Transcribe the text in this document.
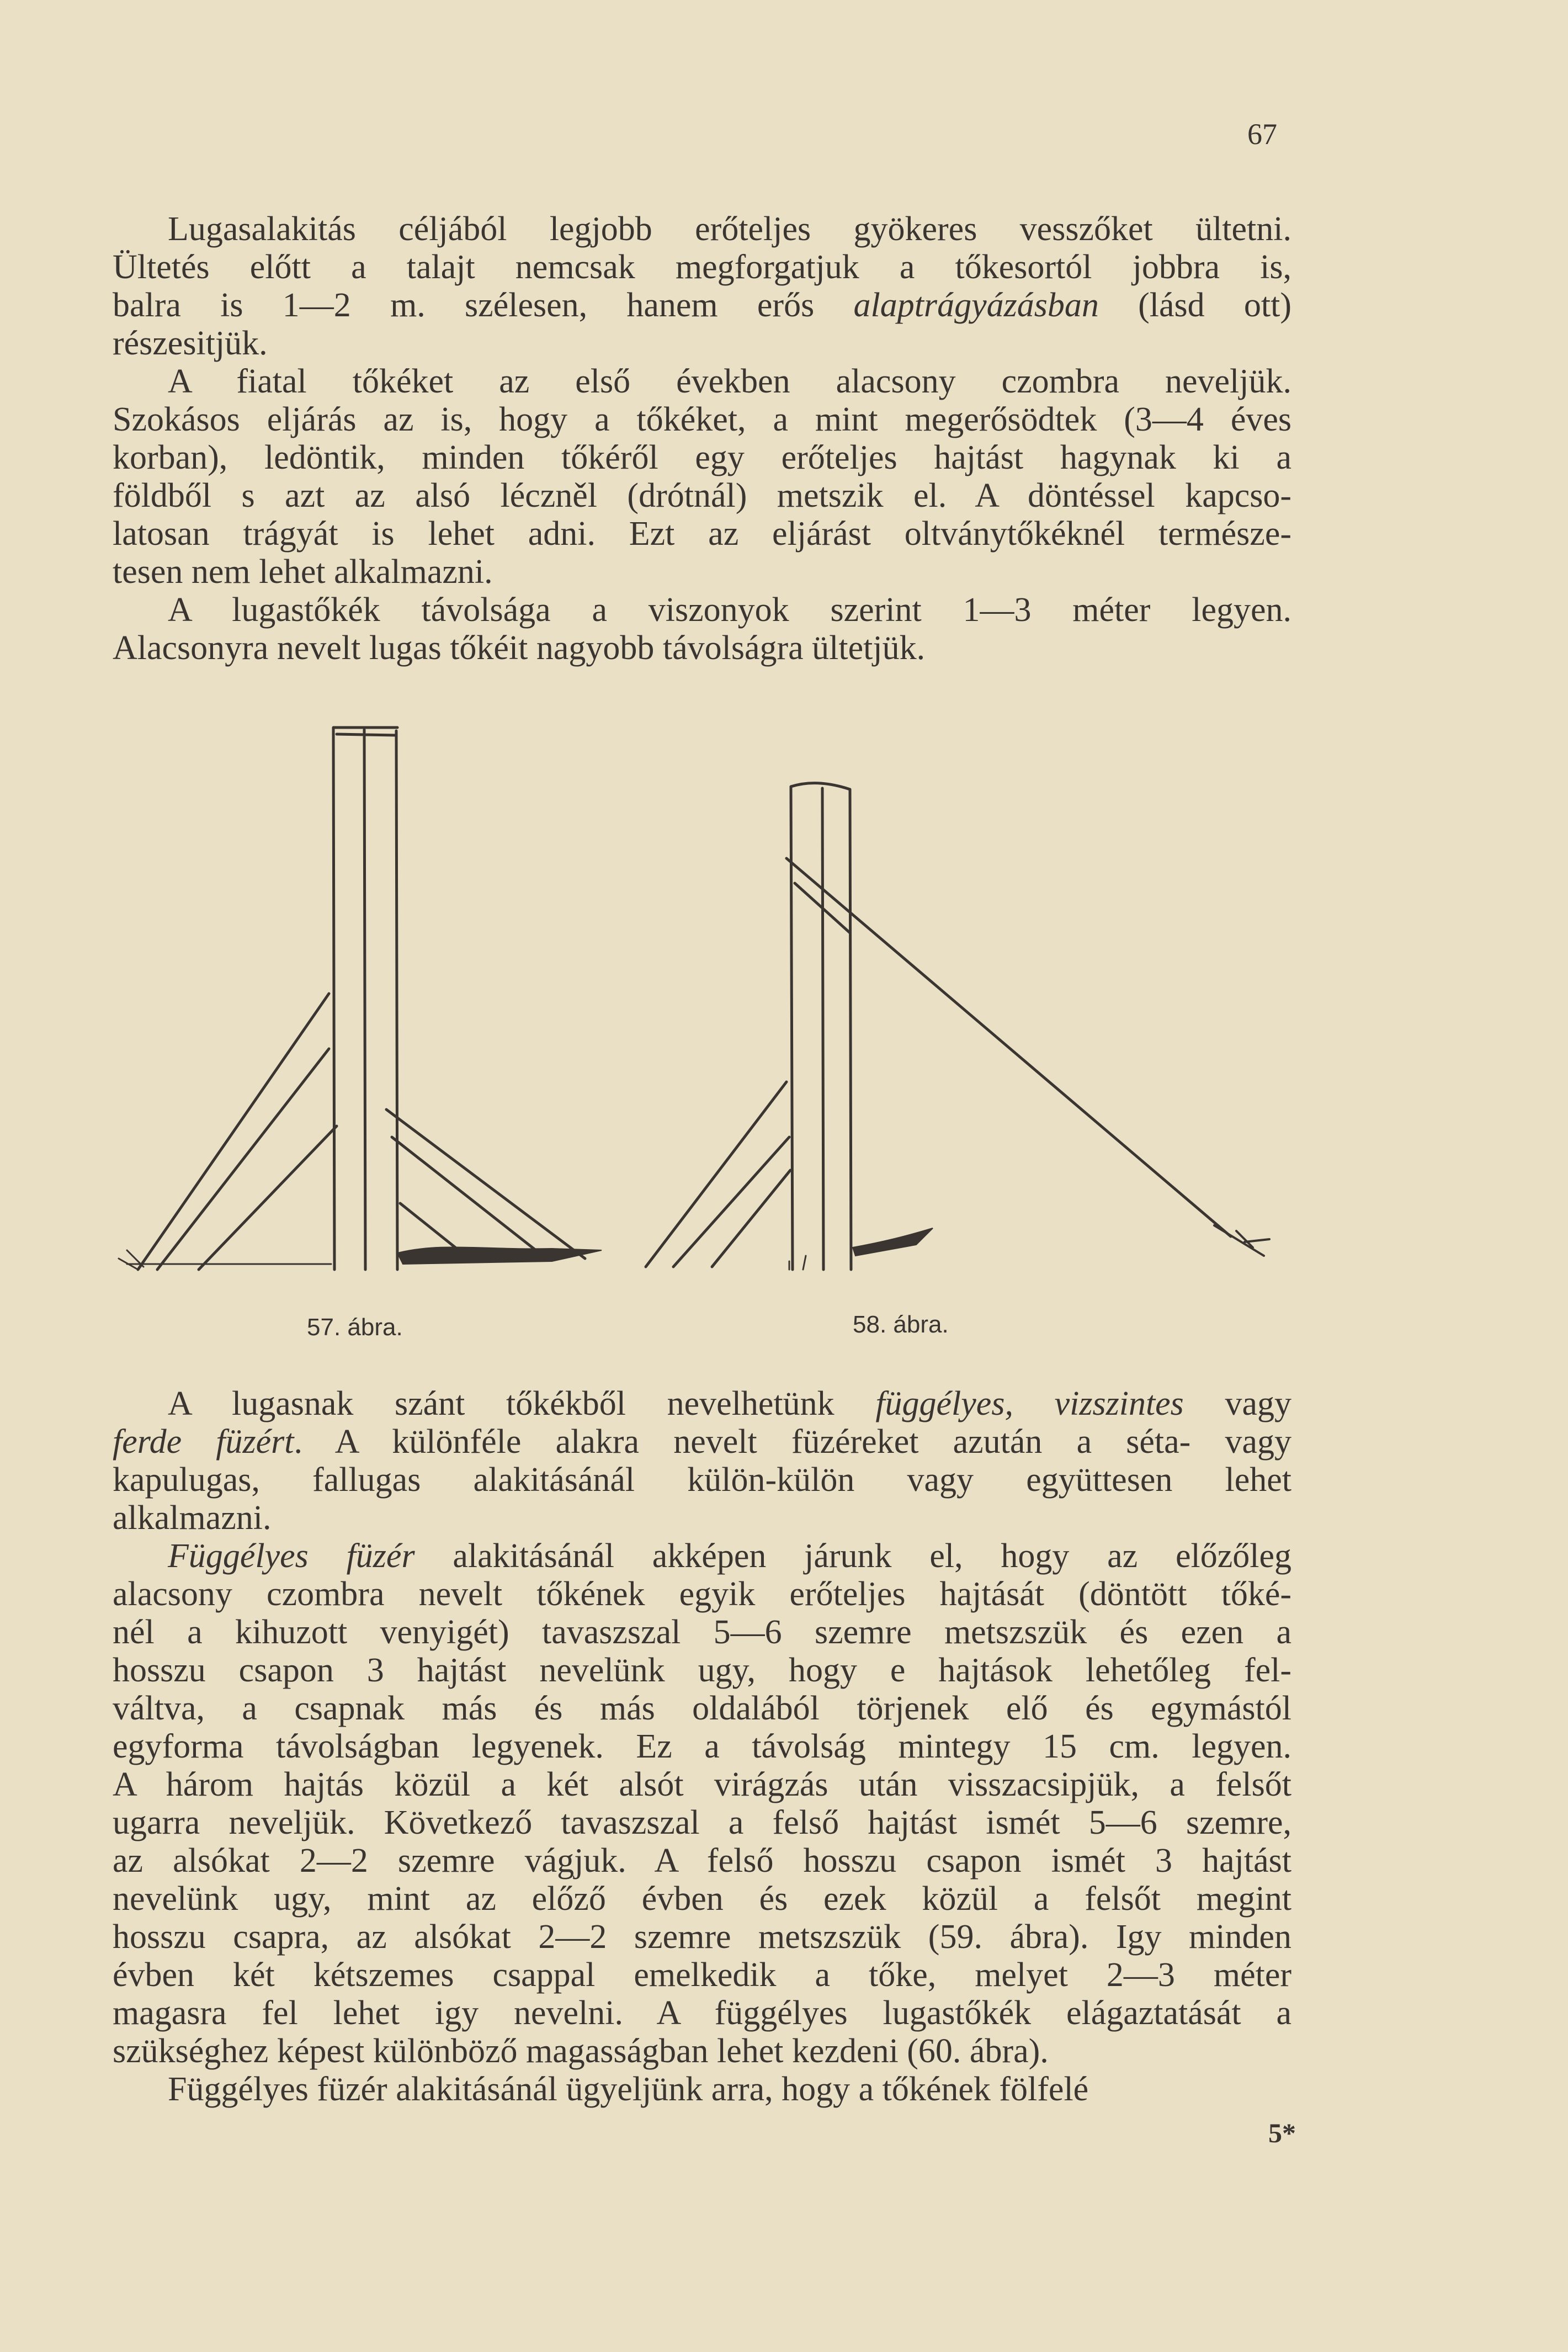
67
Lugasalakitás céljából legjobb erőteljes gyökeres vesszőket ültetni.
Ültetés előtt a talajt nemcsak megforgatjuk a tőkesortól jobbra is,
balra is 1—2 m. szélesen, hanem erős alaptrágyázásban (lásd ott)
részesitjük.
A fiatal tőkéket az első években alacsony czombra neveljük.
Szokásos eljárás az is, hogy a tőkéket, a mint megerősödtek (3—4 éves
korban), ledöntik, minden tőkéről egy erőteljes hajtást hagynak ki a
földből s azt az alsó léczněl (drótnál) metszik el. A döntéssel kapcso-
latosan trágyát is lehet adni. Ezt az eljárást oltványtőkéknél természe-
tesen nem lehet alkalmazni.
A lugastőkék távolsága a viszonyok szerint 1—3 méter legyen.
Alacsonyra nevelt lugas tőkéit nagyobb távolságra ültetjük.
57. ábra.	58. ábra.
A lugasnak szánt tőkékből nevelhetünk függélyes, vizszintes vagy
ferde füzért. A különféle alakra nevelt füzéreket azután a séta- vagy
kapulugas, fallugas alakitásánál külön-külön vagy együttesen lehet
alkalmazni.
Függélyes füzér alakitásánál akképen járunk el, hogy az előzőleg
alacsony czombra nevelt tőkének egyik erőteljes hajtását (döntött tőké-
nél a kihuzott venyigét) tavaszszal 5—6 szemre metszszük és ezen a
hosszu csapon 3 hajtást nevelünk ugy, hogy e hajtások lehetőleg fel-
váltva, a csapnak más és más oldalából törjenek elő és egymástól
egyforma távolságban legyenek. Ez a távolság mintegy 15 cm. legyen.
A három hajtás közül a két alsót virágzás után visszacsipjük, a felsőt
ugarra neveljük. Következő tavaszszal a felső hajtást ismét 5—6 szemre,
az alsókat 2—2 szemre vágjuk. A felső hosszu csapon ismét 3 hajtást
nevelünk ugy, mint az előző évben és ezek közül a felsőt megint
hosszu csapra, az alsókat 2—2 szemre metszszük (59. ábra). Igy minden
évben két kétszemes csappal emelkedik a tőke, melyet 2—3 méter
magasra fel lehet igy nevelni. A függélyes lugastőkék elágaztatását a
szükséghez képest különböző magasságban lehet kezdeni (60. ábra).
Függélyes füzér alakitásánál ügyeljünk arra, hogy a tőkének fölfelé
5*
